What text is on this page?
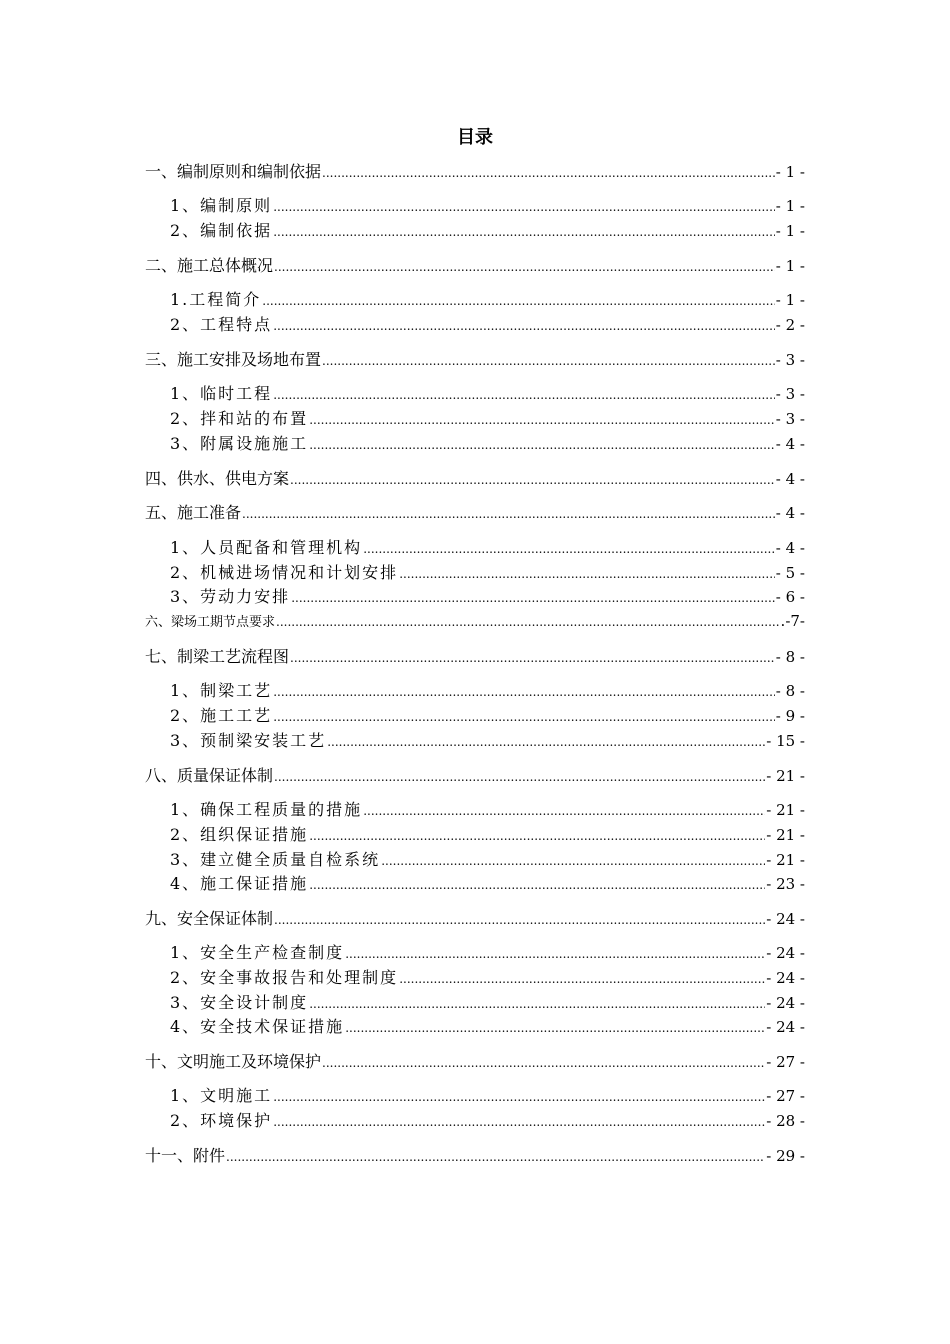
目录
一、编制原则和编制依据 .....	- 1 -
1、编制原则 .....	- 1 -
2、编制依据 .....	- 1 -
二、施工总体概况 .....	- 1 -
1.工程简介 .....	- 1 -
2、工程特点 .....	- 2 -
三、施工安排及场地布置 .....	- 3 -
1、临时工程 .....	- 3 -
2、拌和站的布置 .....	- 3 -
3、附属设施施工 .....	- 4 -
四、供水、供电方案 .....	- 4 -
五、施工准备 .....	- 4 -
1、人员配备和管理机构 .....	- 4 -
2、机械进场情况和计划安排 .....	- 5 -
3、劳动力安排 .....	- 6 -
六、梁场工期节点要求 .....	.-7-
七、制梁工艺流程图 .....	- 8 -
1、制梁工艺 .....	- 8 -
2、施工工艺 .....	- 9 -
3、预制梁安装工艺 .....	- 15 -
八、质量保证体制 .....	- 21 -
1、确保工程质量的措施 .....	- 21 -
2、组织保证措施 .....	- 21 -
3、建立健全质量自检系统 .....	- 21 -
4、施工保证措施 .....	- 23 -
九、安全保证体制 .....	- 24 -
1、安全生产检查制度 .....	- 24 -
2、安全事故报告和处理制度 .....	- 24 -
3、安全设计制度 .....	- 24 -
4、安全技术保证措施 .....	- 24 -
十、文明施工及环境保护 .....	- 27 -
1、文明施工 .....	- 27 -
2、环境保护 .....	- 28 -
十一、附件 .....	- 29 -
